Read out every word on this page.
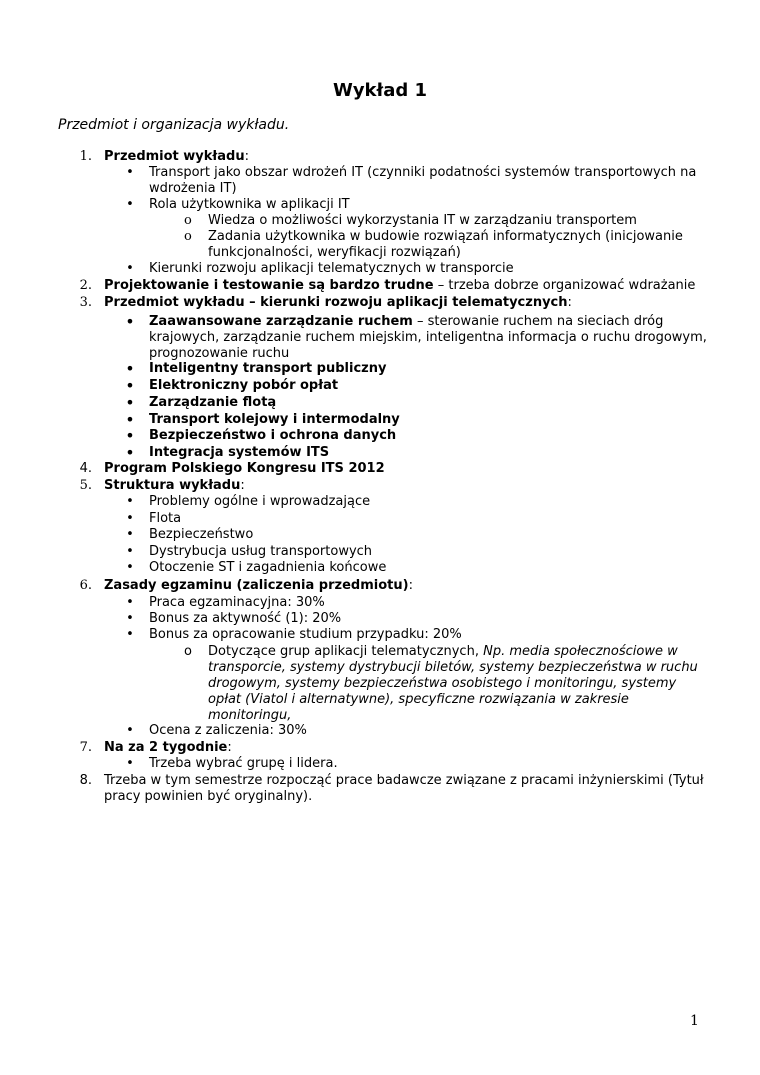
Wykład 1
Przedmiot i organizacja wykładu.
1. Przedmiot wykładu:
• Transport jako obszar wdrożeń IT (czynniki podatności systemów transportowych na
wdrożenia IT)
• Rola użytkownika w aplikacji IT
o	Wiedza o możliwości wykorzystania IT w zarządzaniu transportem
o	Zadania użytkownika w budowie rozwiązań informatycznych (inicjowanie
funkcjonalności, weryfikacji rozwiązań)
• Kierunki rozwoju aplikacji telematycznych w transporcie
2. Projektowanie i testowanie są bardzo trudne – trzeba dobrze organizować wdrażanie
3. Przedmiot wykładu – kierunki rozwoju aplikacji telematycznych:
• Zaawansowane zarządzanie ruchem – sterowanie ruchem na sieciach dróg
krajowych, zarządzanie ruchem miejskim, inteligentna informacja o ruchu drogowym,
prognozowanie ruchu
• Inteligentny transport publiczny
• Elektroniczny pobór opłat
• Zarządzanie flotą
• Transport kolejowy i intermodalny
• Bezpieczeństwo i ochrona danych
• Integracja systemów ITS
4. Program Polskiego Kongresu ITS 2012
5. Struktura wykładu:
• Problemy ogólne i wprowadzające
• Flota
• Bezpieczeństwo
• Dystrybucja usług transportowych
• Otoczenie ST i zagadnienia końcowe
6. Zasady egzaminu (zaliczenia przedmiotu):
• Praca egzaminacyjna: 30%
• Bonus za aktywność (1): 20%
• Bonus za opracowanie studium przypadku: 20%
o Dotyczące grup aplikacji telematycznych, Np. media społecznościowe w
transporcie, systemy dystrybucji biletów, systemy bezpieczeństwa w ruchu
drogowym, systemy bezpieczeństwa osobistego i monitoringu, systemy
opłat (Viatol i alternatywne), specyficzne rozwiązania w zakresie
monitoringu,
• Ocena z zaliczenia: 30%
7. Na za 2 tygodnie:
• Trzeba wybrać grupę i lidera.
8. Trzeba w tym semestrze rozpocząć prace badawcze związane z pracami inżynierskimi (Tytuł
pracy powinien być oryginalny).
1
